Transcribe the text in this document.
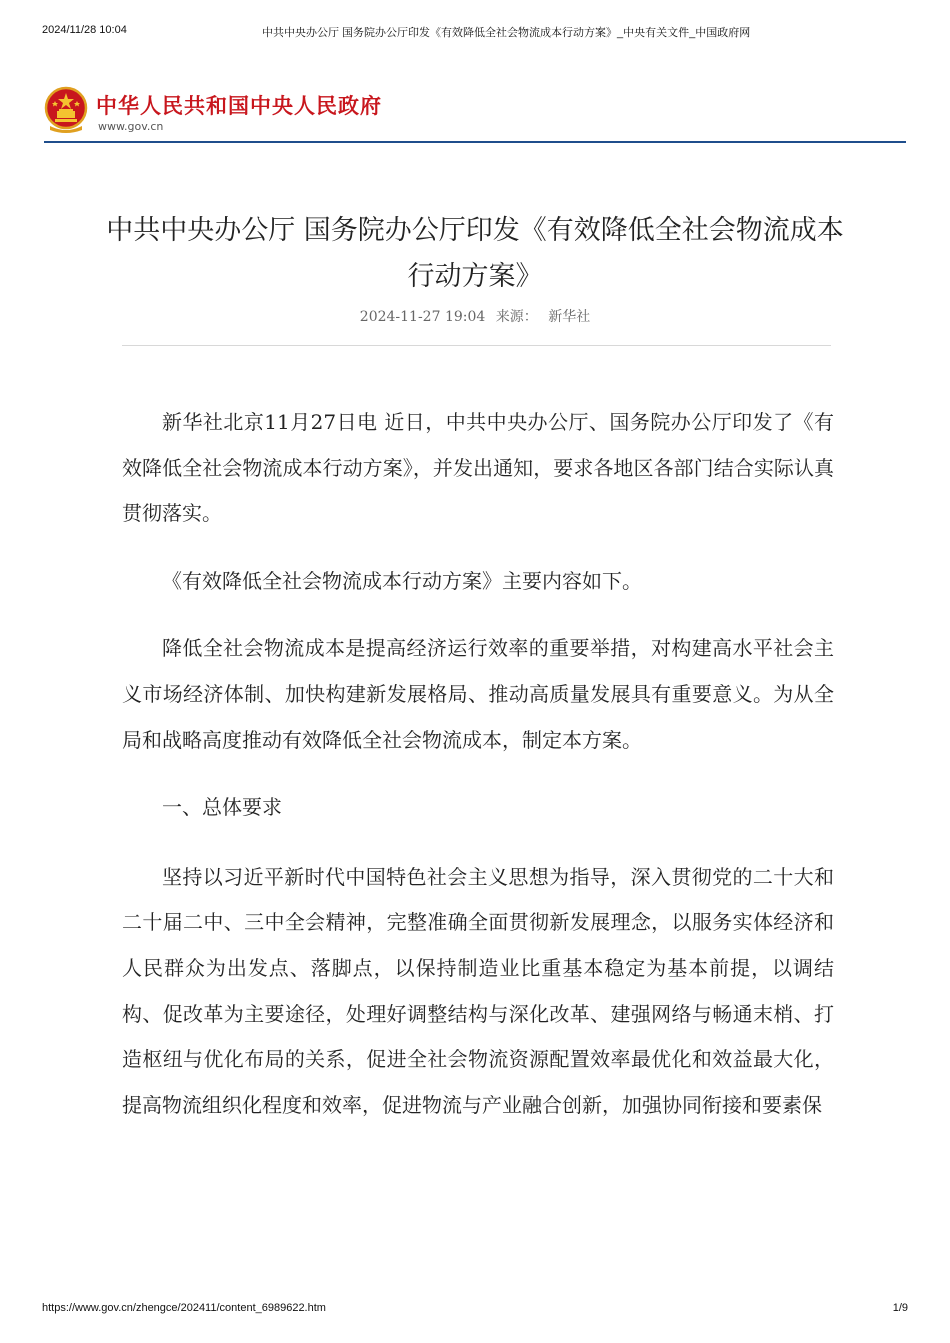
2024/11/28 10:04	中共中央办公厅 国务院办公厅印发《有效降低全社会物流成本行动方案》_中央有关文件_中国政府网
中华人民共和国中央人民政府
www.gov.cn
中共中央办公厅 国务院办公厅印发《有效降低全社会物流成本行动方案》
2024-11-27 19:04 来源： 新华社

新华社北京11月27日电 近日，中共中央办公厅、国务院办公厅印发了《有效降低全社会物流成本行动方案》，并发出通知，要求各地区各部门结合实际认真贯彻落实。

《有效降低全社会物流成本行动方案》主要内容如下。

降低全社会物流成本是提高经济运行效率的重要举措，对构建高水平社会主义市场经济体制、加快构建新发展格局、推动高质量发展具有重要意义。为从全局和战略高度推动有效降低全社会物流成本，制定本方案。

一、总体要求

坚持以习近平新时代中国特色社会主义思想为指导，深入贯彻党的二十大和二十届二中、三中全会精神，完整准确全面贯彻新发展理念，以服务实体经济和人民群众为出发点、落脚点，以保持制造业比重基本稳定为基本前提，以调结构、促改革为主要途径，处理好调整结构与深化改革、建强网络与畅通末梢、打造枢纽与优化布局的关系，促进全社会物流资源配置效率最优化和效益最大化，提高物流组织化程度和效率，促进物流与产业融合创新，加强协同衔接和要素保

https://www.gov.cn/zhengce/202411/content_6989622.htm	1/9
